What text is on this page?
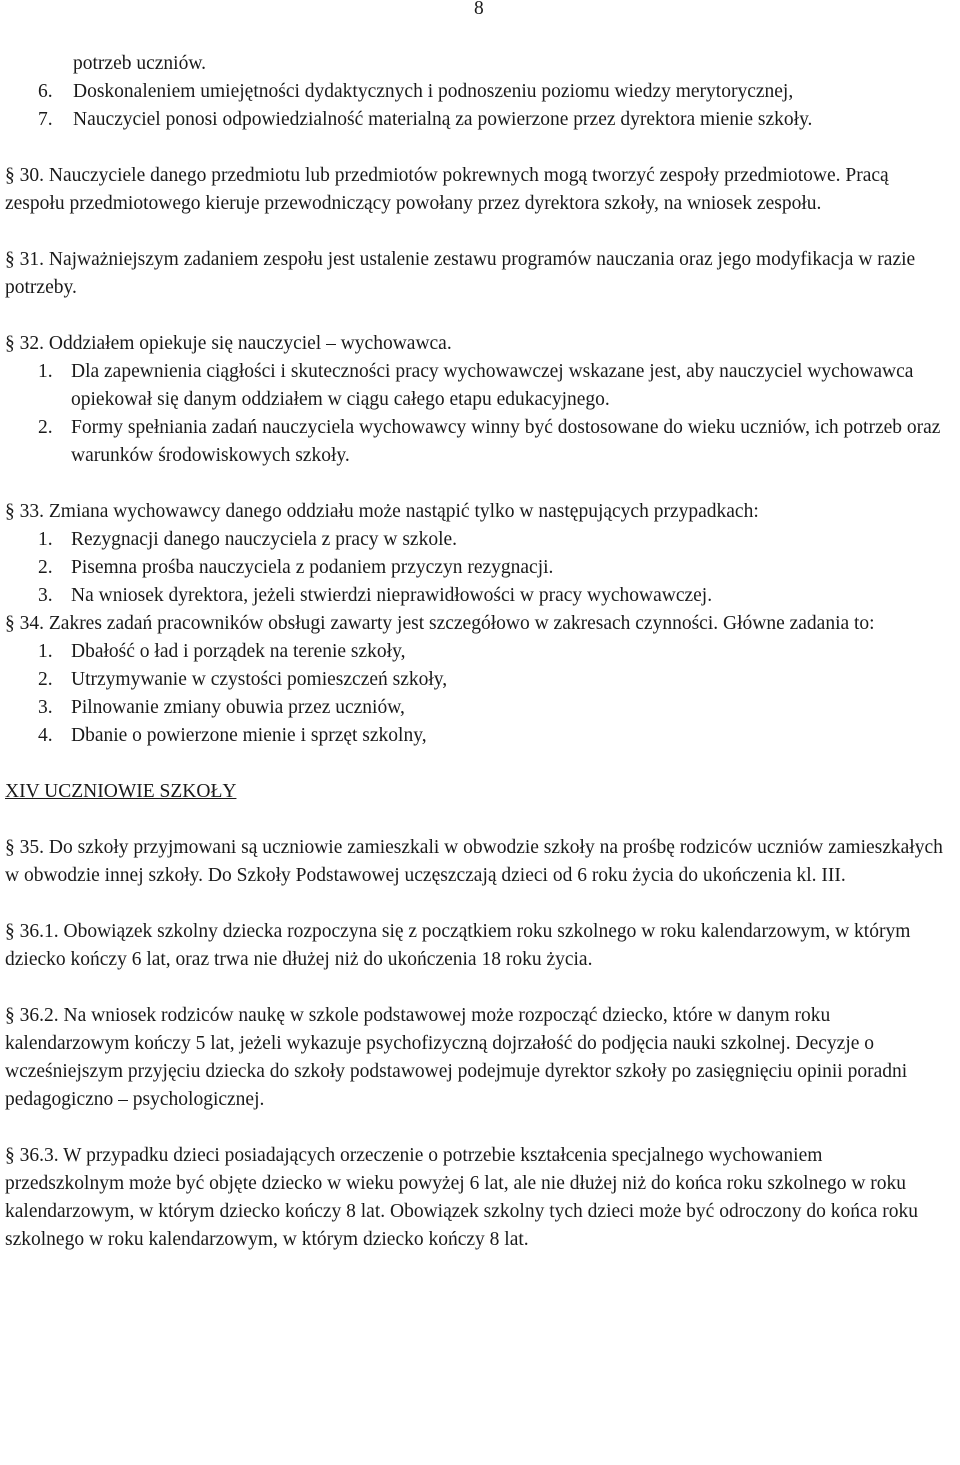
8

potrzeb uczniów.

6. Doskonaleniem umiejętności dydaktycznych i podnoszeniu poziomu wiedzy merytorycznej,

7. Nauczyciel ponosi odpowiedzialność materialną za powierzone przez dyrektora mienie szkoły.

§ 30. Nauczyciele danego przedmiotu lub przedmiotów pokrewnych mogą tworzyć zespoły przedmiotowe. Pracą zespołu przedmiotowego kieruje przewodniczący powołany przez dyrektora szkoły, na wniosek zespołu.

§ 31. Najważniejszym zadaniem zespołu jest ustalenie zestawu programów nauczania oraz jego modyfikacja w razie potrzeby.

§ 32. Oddziałem opiekuje się nauczyciel – wychowawca.

1. Dla zapewnienia ciągłości i skuteczności pracy wychowawczej wskazane jest, aby nauczyciel wychowawca opiekował się danym oddziałem w ciągu całego etapu edukacyjnego.

2. Formy spełniania zadań nauczyciela wychowawcy winny być dostosowane do wieku uczniów, ich potrzeb oraz warunków środowiskowych szkoły.

§ 33. Zmiana wychowawcy danego oddziału może nastąpić tylko w następujących przypadkach:

1. Rezygnacji danego nauczyciela z pracy w szkole.

2. Pisemna prośba nauczyciela z podaniem przyczyn rezygnacji.

3. Na wniosek dyrektora, jeżeli stwierdzi nieprawidłowości w pracy wychowawczej.

§ 34. Zakres zadań pracowników obsługi zawarty jest szczegółowo w zakresach czynności. Główne zadania to:

1. Dbałość o ład i porządek na terenie szkoły,

2. Utrzymywanie w czystości pomieszczeń szkoły,

3. Pilnowanie zmiany obuwia przez uczniów,

4. Dbanie o powierzone mienie i sprzęt szkolny,

XIV UCZNIOWIE SZKOŁY

§ 35. Do szkoły przyjmowani są uczniowie zamieszkali w obwodzie szkoły na prośbę rodziców uczniów zamieszkałych w obwodzie innej szkoły. Do Szkoły Podstawowej uczęszczają dzieci od 6 roku życia do ukończenia kl. III.

§ 36.1. Obowiązek szkolny dziecka rozpoczyna się z początkiem roku szkolnego w roku kalendarzowym, w którym dziecko kończy 6 lat, oraz trwa nie dłużej niż do ukończenia 18 roku życia.

§ 36.2. Na wniosek rodziców naukę w szkole podstawowej może rozpocząć dziecko, które w danym roku kalendarzowym kończy 5 lat, jeżeli wykazuje psychofizyczną dojrzałość do podjęcia nauki szkolnej. Decyzje o wcześniejszym przyjęciu dziecka do szkoły podstawowej podejmuje dyrektor szkoły po zasięgnięciu opinii poradni pedagogiczno – psychologicznej.

§ 36.3. W przypadku dzieci posiadających orzeczenie o potrzebie kształcenia specjalnego wychowaniem przedszkolnym może być objęte dziecko w wieku powyżej 6 lat, ale nie dłużej niż do końca roku szkolnego w roku kalendarzowym, w którym dziecko kończy 8 lat. Obowiązek szkolny tych dzieci może być odroczony do końca roku szkolnego w roku kalendarzowym, w którym dziecko kończy 8 lat.
